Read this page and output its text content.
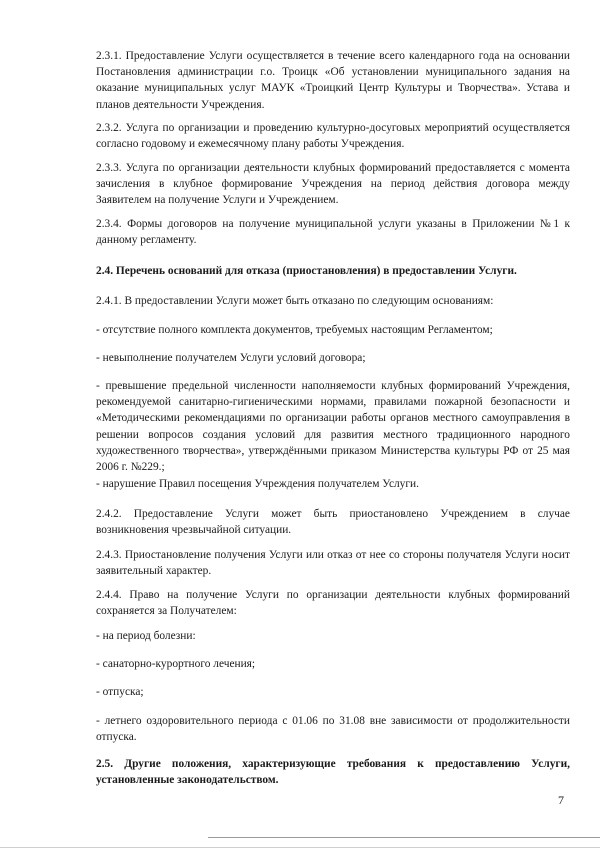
2.3.1. Предоставление Услуги осуществляется в течение всего календарного года на основании Постановления администрации г.о. Троицк «Об установлении муниципального задания на оказание муниципальных услуг МАУК «Троицкий Центр Культуры и Творчества». Устава и планов деятельности Учреждения.

2.3.2. Услуга по организации и проведению культурно-досуговых мероприятий осуществляется согласно годовому и ежемесячному плану работы Учреждения.

2.3.3. Услуга по организации деятельности клубных формирований предоставляется с момента зачисления в клубное формирование Учреждения на период действия договора между Заявителем на получение Услуги и Учреждением.

2.3.4. Формы договоров на получение муниципальной услуги указаны в Приложении №1 к данному регламенту.

2.4. Перечень оснований для отказа (приостановления) в предоставлении Услуги.

2.4.1. В предоставлении Услуги может быть отказано по следующим основаниям:

- отсутствие полного комплекта документов, требуемых настоящим Регламентом;

- невыполнение получателем Услуги условий договора;

- превышение предельной численности наполняемости клубных формирований Учреждения, рекомендуемой санитарно-гигиеническими нормами, правилами пожарной безопасности и «Методическими рекомендациями по организации работы органов местного самоуправления в решении вопросов создания условий для развития местного традиционного народного художественного творчества», утверждёнными приказом Министерства культуры РФ от 25 мая 2006 г. №229.;

- нарушение Правил посещения Учреждения получателем Услуги.

2.4.2. Предоставление Услуги может быть приостановлено Учреждением в случае возникновения чрезвычайной ситуации.

2.4.3. Приостановление получения Услуги или отказ от нее со стороны получателя Услуги носит заявительный характер.

2.4.4. Право на получение Услуги по организации деятельности клубных формирований сохраняется за Получателем:

- на период болезни:

- санаторно-курортного лечения;

- отпуска;

- летнего оздоровительного периода с 01.06 по 31.08 вне зависимости от продолжительности отпуска.

2.5. Другие положения, характеризующие требования к предоставлению Услуги, установленные законодательством.

7
